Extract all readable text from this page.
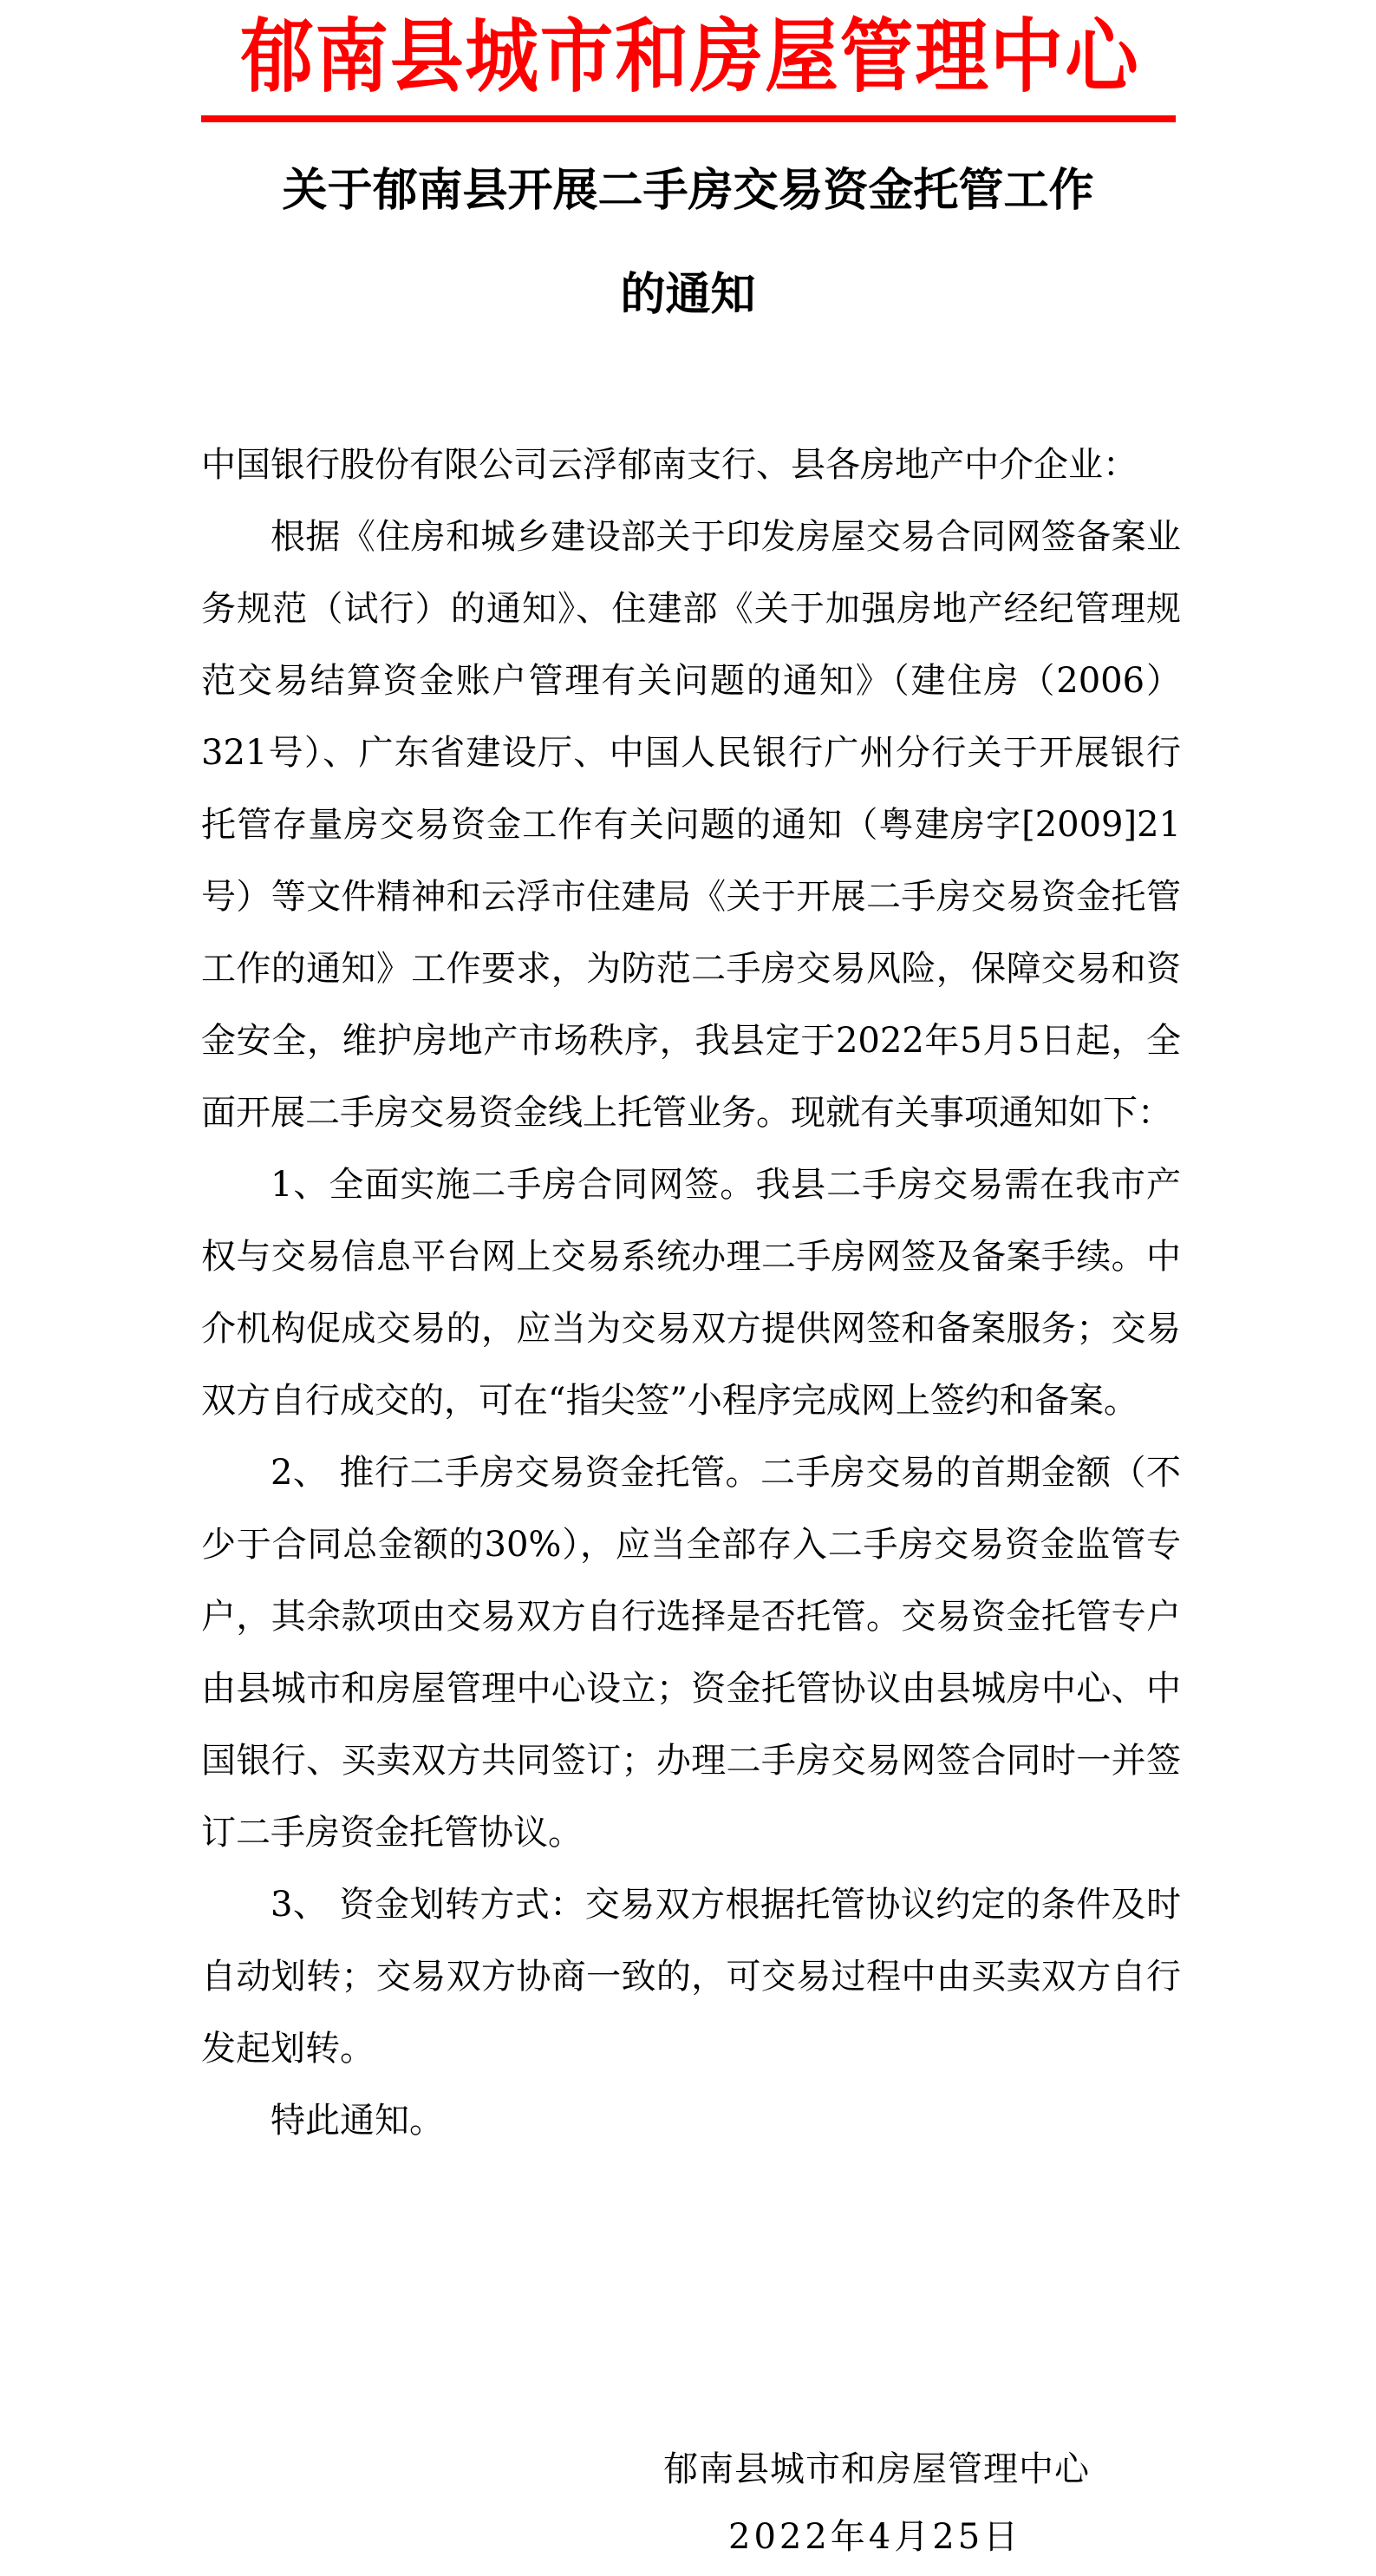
郁南县城市和房屋管理中心
关于郁南县开展二手房交易资金托管工作
的通知

中国银行股份有限公司云浮郁南支行、县各房地产中介企业：

根据《住房和城乡建设部关于印发房屋交易合同网签备案业务规范（试行）的通知》、住建部《关于加强房地产经纪管理规范交易结算资金账户管理有关问题的通知》（建住房（2006）321号）、广东省建设厅、中国人民银行广州分行关于开展银行托管存量房交易资金工作有关问题的通知（粤建房字[2009]21号）等文件精神和云浮市住建局《关于开展二手房交易资金托管工作的通知》工作要求，为防范二手房交易风险，保障交易和资金安全，维护房地产市场秩序，我县定于2022年5月5日起，全面开展二手房交易资金线上托管业务。现就有关事项通知如下：

1、全面实施二手房合同网签。我县二手房交易需在我市产权与交易信息平台网上交易系统办理二手房网签及备案手续。中介机构促成交易的，应当为交易双方提供网签和备案服务；交易双方自行成交的，可在“指尖签”小程序完成网上签约和备案。

2、 推行二手房交易资金托管。二手房交易的首期金额（不少于合同总金额的30%），应当全部存入二手房交易资金监管专户，其余款项由交易双方自行选择是否托管。交易资金托管专户由县城市和房屋管理中心设立；资金托管协议由县城房中心、中国银行、买卖双方共同签订；办理二手房交易网签合同时一并签订二手房资金托管协议。

3、 资金划转方式：交易双方根据托管协议约定的条件及时自动划转；交易双方协商一致的，可交易过程中由买卖双方自行发起划转。

特此通知。

郁南县城市和房屋管理中心
2022年4月25日
